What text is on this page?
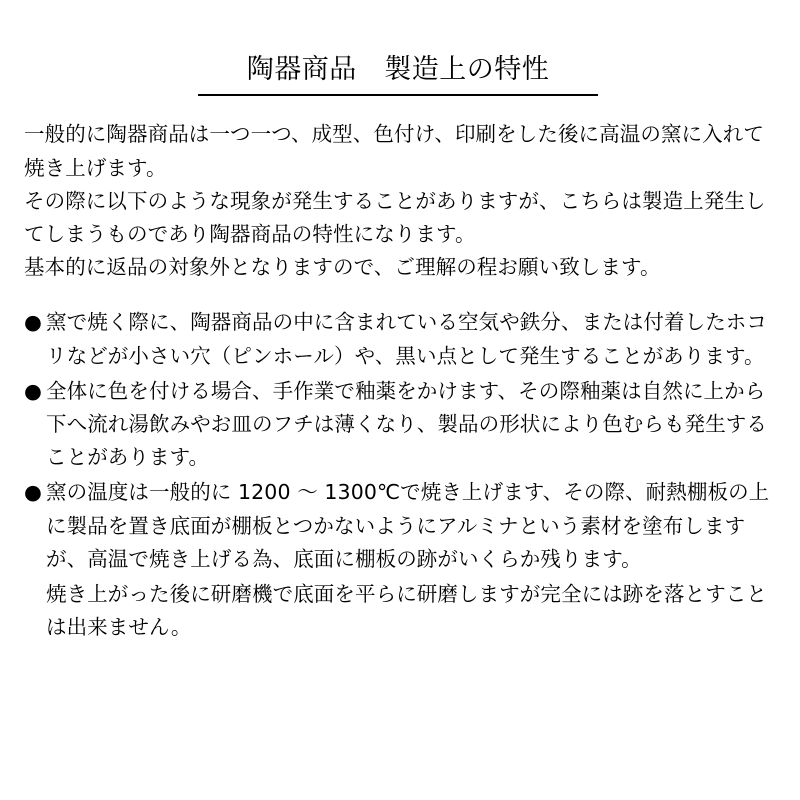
陶器商品　製造上の特性

一般的に陶器商品は一つ一つ、成型、色付け、印刷をした後に高温の窯に入れて焼き上げます。

その際に以下のような現象が発生することがありますが、こちらは製造上発生してしまうものであり陶器商品の特性になります。

基本的に返品の対象外となりますので、ご理解の程お願い致します。

● 窯で焼く際に、陶器商品の中に含まれている空気や鉄分、または付着したホコリなどが小さい穴（ピンホール）や、黒い点として発生することがあります。
● 全体に色を付ける場合、手作業で釉薬をかけます、その際釉薬は自然に上から下へ流れ湯飲みやお皿のフチは薄くなり、製品の形状により色むらも発生することがあります。
● 窯の温度は一般的に 1200 〜 1300℃で焼き上げます、その際、耐熱棚板の上に製品を置き底面が棚板とつかないようにアルミナという素材を塗布しますが、高温で焼き上げる為、底面に棚板の跡がいくらか残ります。

焼き上がった後に研磨機で底面を平らに研磨しますが完全には跡を落とすことは出来ません。
